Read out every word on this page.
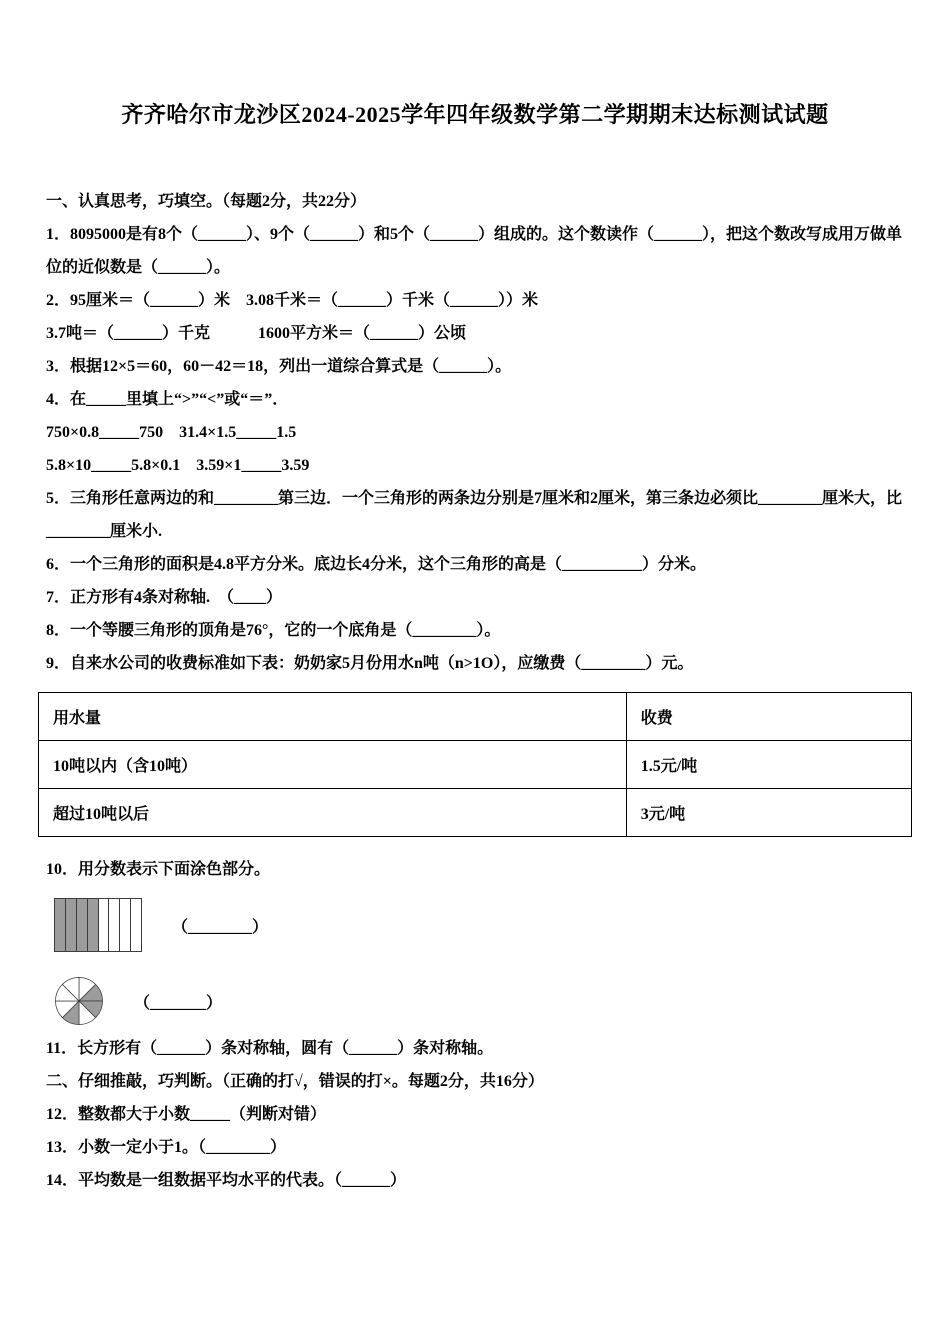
齐齐哈尔市龙沙区2024-2025学年四年级数学第二学期期末达标测试试题

一、认真思考，巧填空。（每题2分，共22分）

1．8095000是有8个（______）、9个（______）和5个（______）组成的。这个数读作（______），把这个数改写成用万做单位的近似数是（______）。

2．95厘米＝（______）米　3.08千米＝（______）千米（______））米

3.7吨＝（______）千克　　　1600平方米＝（______）公顷

3．根据12×5＝60，60－42＝18，列出一道综合算式是（______）。

4．在_____里填上“>”“<”或“＝”．

750×0.8_____750　31.4×1.5_____1.5

5.8×10_____5.8×0.1　3.59×1_____3.59

5．三角形任意两边的和________第三边．一个三角形的两条边分别是7厘米和2厘米，第三条边必须比________厘米大，比________厘米小.

6．一个三角形的面积是4.8平方分米。底边长4分米，这个三角形的高是（__________）分米。

7．正方形有4条对称轴.　（____）

8．一个等腰三角形的顶角是76°，它的一个底角是（________）。

9．自来水公司的收费标准如下表：奶奶家5月份用水n吨（n>1O），应缴费（________）元。

用水量	收费
10吨以内（含10吨）	1.5元/吨
超过10吨以后	3元/吨

10．用分数表示下面涂色部分。

（________）
（_______）

11．长方形有（______）条对称轴，圆有（______）条对称轴。

二、仔细推敲，巧判断。（正确的打√，错误的打×。每题2分，共16分）

12．整数都大于小数_____（判断对错）

13．小数一定小于1。（________）

14．平均数是一组数据平均水平的代表。（______）
